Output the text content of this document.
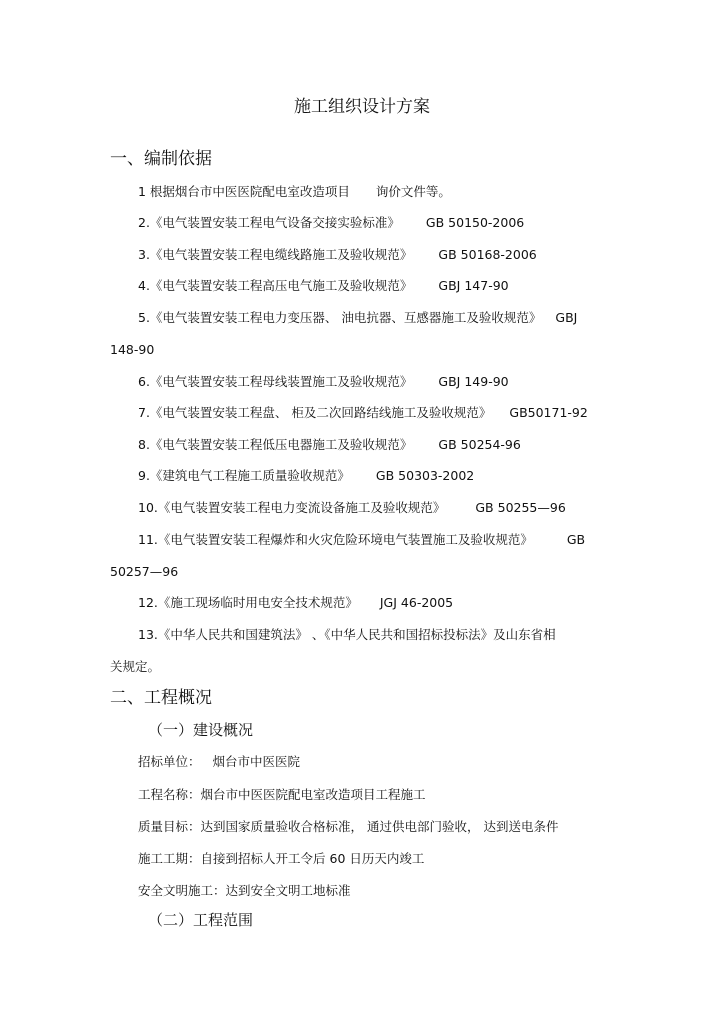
施工组织设计方案
一、编制依据
1 根据烟台市中医医院配电室改造项目 询价文件等。
2.《电气装置安装工程电气设备交接实验标准》 GB 50150-2006
3.《电气装置安装工程电缆线路施工及验收规范》 GB 50168-2006
4.《电气装置安装工程高压电气施工及验收规范》 GBJ 147-90
5.《电气装置安装工程电力变压器、 油电抗器、互感器施工及验收规范》 GBJ
148-90
6.《电气装置安装工程母线装置施工及验收规范》 GBJ 149-90
7.《电气装置安装工程盘、 柜及二次回路结线施工及验收规范》 GB50171-92
8.《电气装置安装工程低压电器施工及验收规范》 GB 50254-96
9.《建筑电气工程施工质量验收规范》 GB 50303-2002
10.《电气装置安装工程电力变流设备施工及验收规范》 GB 50255—96
11.《电气装置安装工程爆炸和火灾危险环境电气装置施工及验收规范》	GB
50257—96
12.《施工现场临时用电安全技术规范》 JGJ 46-2005
13.《中华人民共和国建筑法》 、《中华人民共和国招标投标法》及山东省相
关规定。
二、工程概况
（一）建设概况
招标单位： 烟台市中医医院
工程名称：烟台市中医医院配电室改造项目工程施工
质量目标：达到国家质量验收合格标准， 通过供电部门验收， 达到送电条件
施工工期：自接到招标人开工令后 60 日历天内竣工
安全文明施工：达到安全文明工地标准
（二）工程范围
